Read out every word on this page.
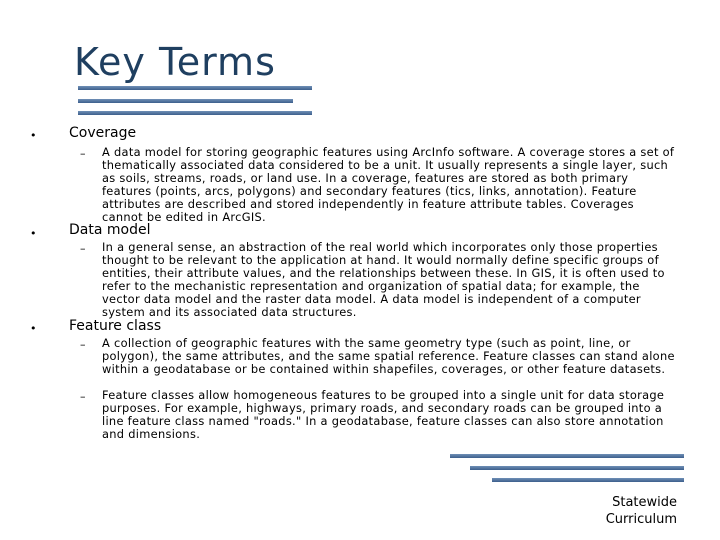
Key Terms
• Coverage
– A data model for storing geographic features using ArcInfo software. A coverage stores a set of thematically associated data considered to be a unit. It usually represents a single layer, such as soils, streams, roads, or land use. In a coverage, features are stored as both primary features (points, arcs, polygons) and secondary features (tics, links, annotation). Feature attributes are described and stored independently in feature attribute tables. Coverages cannot be edited in ArcGIS.
• Data model
– In a general sense, an abstraction of the real world which incorporates only those properties thought to be relevant to the application at hand. It would normally define specific groups of entities, their attribute values, and the relationships between these. In GIS, it is often used to refer to the mechanistic representation and organization of spatial data; for example, the vector data model and the raster data model. A data model is independent of a computer system and its associated data structures.
• Feature class
– A collection of geographic features with the same geometry type (such as point, line, or polygon), the same attributes, and the same spatial reference. Feature classes can stand alone within a geodatabase or be contained within shapefiles, coverages, or other feature datasets.
– Feature classes allow homogeneous features to be grouped into a single unit for data storage purposes. For example, highways, primary roads, and secondary roads can be grouped into a line feature class named "roads." In a geodatabase, feature classes can also store annotation and dimensions.
Statewide
Curriculum
